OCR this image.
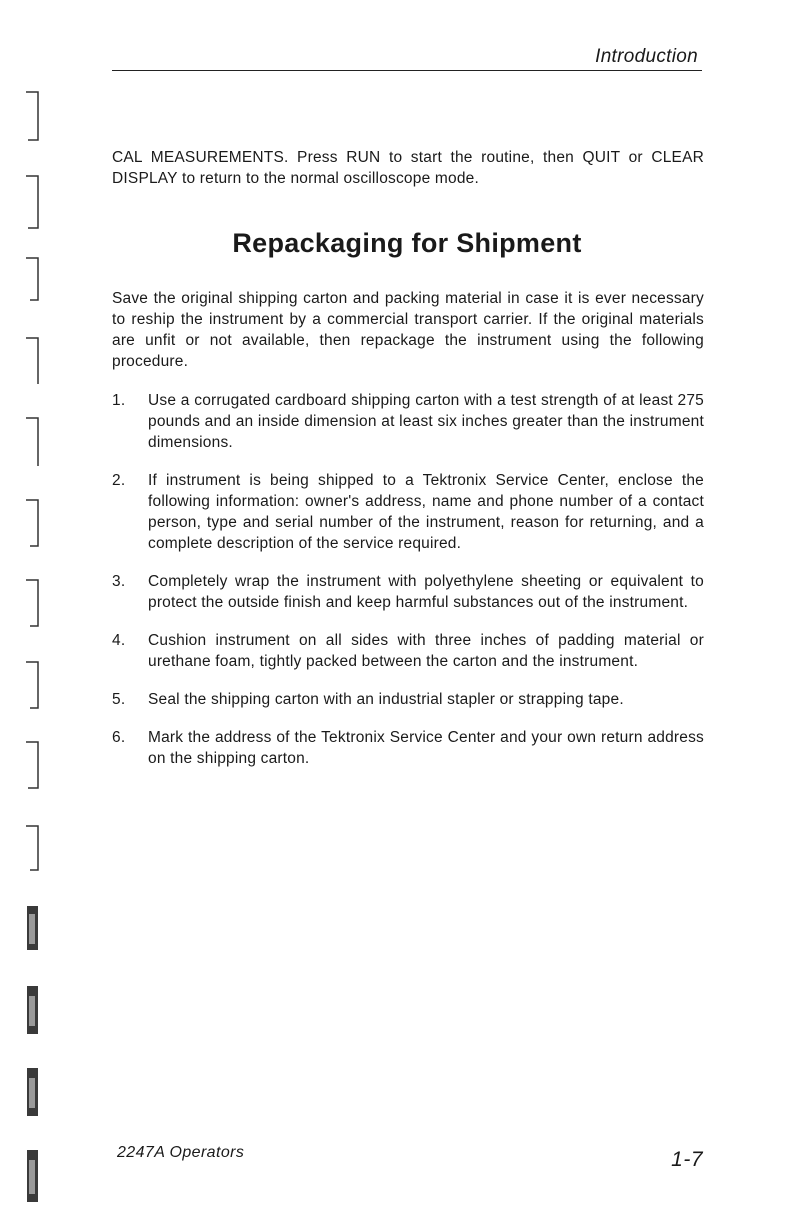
Introduction

CAL MEASUREMENTS. Press RUN to start the routine, then QUIT or CLEAR DISPLAY to return to the normal oscilloscope mode.

Repackaging for Shipment

Save the original shipping carton and packing material in case it is ever necessary to reship the instrument by a commercial transport carrier. If the original materials are unfit or not available, then repackage the instrument using the following procedure.

1.	Use a corrugated cardboard shipping carton with a test strength of at least 275 pounds and an inside dimension at least six inches greater than the instrument dimensions.
2.	If instrument is being shipped to a Tektronix Service Center, enclose the following information: owner's address, name and phone number of a contact person, type and serial number of the instrument, reason for returning, and a complete description of the service required.
3.	Completely wrap the instrument with polyethylene sheeting or equivalent to protect the outside finish and keep harmful substances out of the instrument.
4.	Cushion instrument on all sides with three inches of padding material or urethane foam, tightly packed between the carton and the instrument.
5.	Seal the shipping carton with an industrial stapler or strapping tape.
6.	Mark the address of the Tektronix Service Center and your own return address on the shipping carton.
2247A Operators	1-7
